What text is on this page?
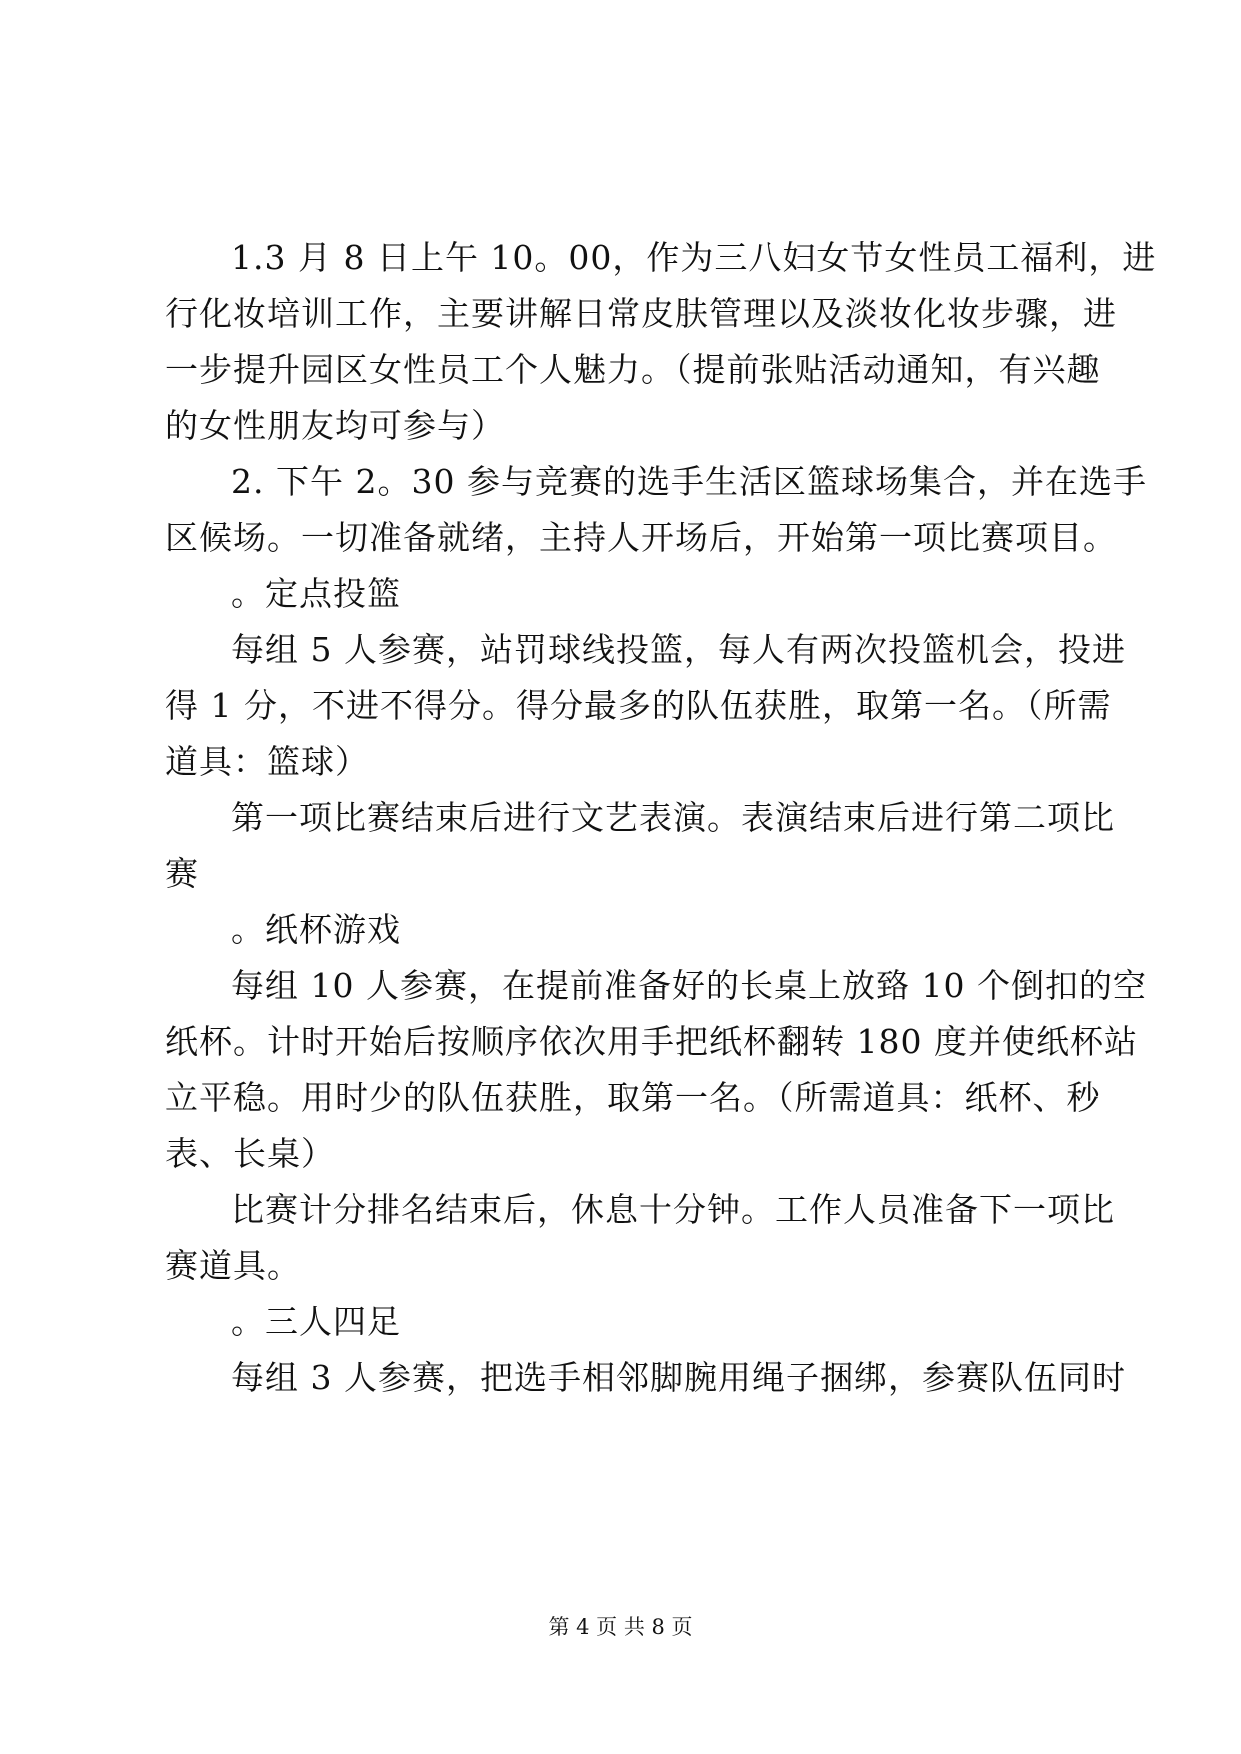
1.3 月 8 日上午 10。00，作为三八妇女节女性员工福利，进
行化妆培训工作，主要讲解日常皮肤管理以及淡妆化妆步骤，进
一步提升园区女性员工个人魅力。（提前张贴活动通知，有兴趣
的女性朋友均可参与）
2. 下午 2。30 参与竞赛的选手生活区篮球场集合，并在选手
区候场。一切准备就绪，主持人开场后，开始第一项比赛项目。
。定点投篮
每组 5 人参赛，站罚球线投篮，每人有两次投篮机会，投进
得 1 分，不进不得分。得分最多的队伍获胜，取第一名。（所需
道具：篮球）
第一项比赛结束后进行文艺表演。表演结束后进行第二项比
赛
。纸杯游戏
每组 10 人参赛，在提前准备好的长桌上放臵 10 个倒扣的空
纸杯。计时开始后按顺序依次用手把纸杯翻转 180 度并使纸杯站
立平稳。用时少的队伍获胜，取第一名。（所需道具：纸杯、秒
表、长桌）
比赛计分排名结束后，休息十分钟。工作人员准备下一项比
赛道具。
。三人四足
每组 3 人参赛，把选手相邻脚腕用绳子捆绑，参赛队伍同时
第 4 页 共 8 页
